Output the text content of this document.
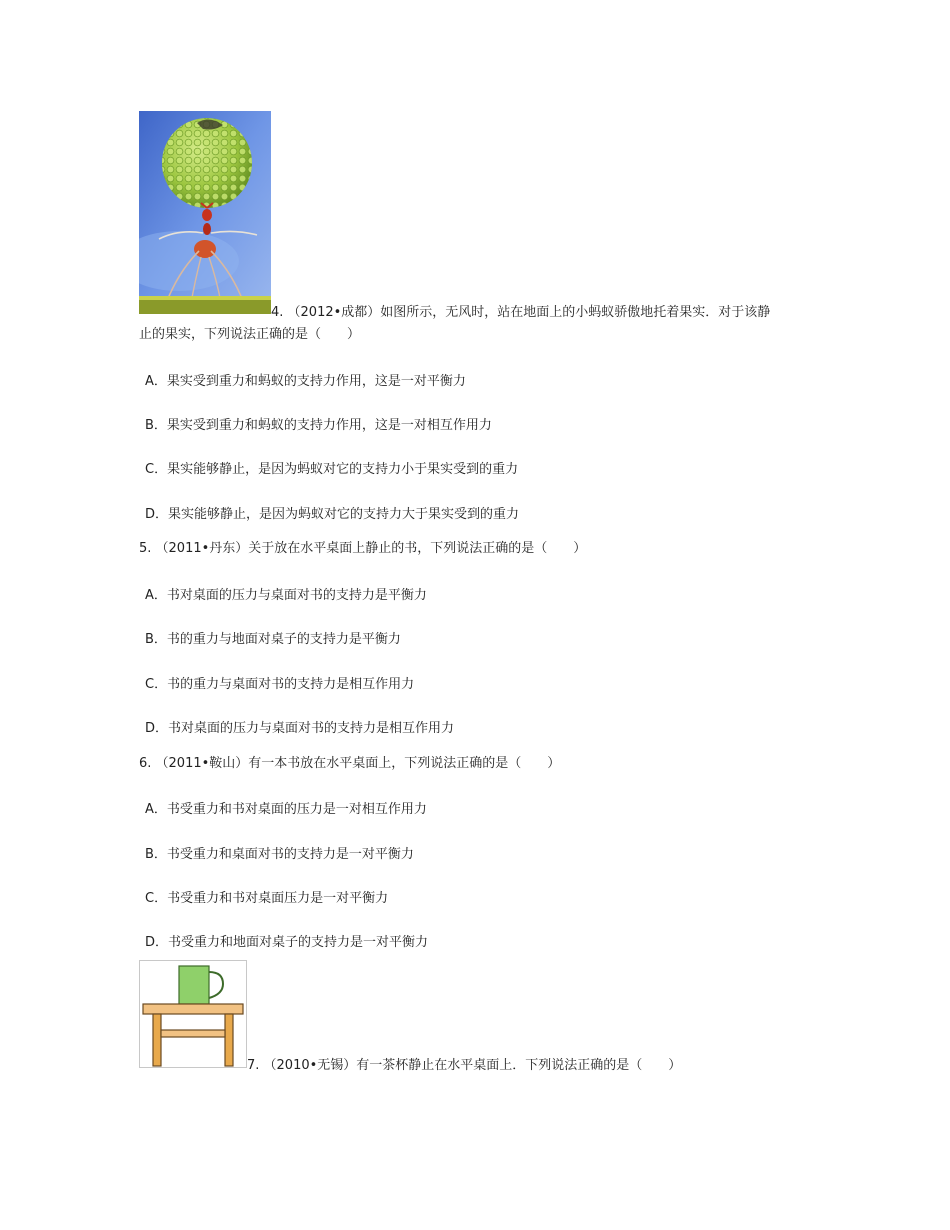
4. （2012•成都）如图所示，无风时，站在地面上的小蚂蚁骄傲地托着果实．对于该静
止的果实，下列说法正确的是（　　）
A．果实受到重力和蚂蚁的支持力作用，这是一对平衡力
B．果实受到重力和蚂蚁的支持力作用，这是一对相互作用力
C．果实能够静止，是因为蚂蚁对它的支持力小于果实受到的重力
D．果实能够静止，是因为蚂蚁对它的支持力大于果实受到的重力
5. （2011•丹东）关于放在水平桌面上静止的书，下列说法正确的是（　　）
A．书对桌面的压力与桌面对书的支持力是平衡力
B．书的重力与地面对桌子的支持力是平衡力
C．书的重力与桌面对书的支持力是相互作用力
D．书对桌面的压力与桌面对书的支持力是相互作用力
6. （2011•鞍山）有一本书放在水平桌面上，下列说法正确的是（　　）
A．书受重力和书对桌面的压力是一对相互作用力
B．书受重力和桌面对书的支持力是一对平衡力
C．书受重力和书对桌面压力是一对平衡力
D．书受重力和地面对桌子的支持力是一对平衡力
7. （2010•无锡）有一茶杯静止在水平桌面上．下列说法正确的是（　　）
